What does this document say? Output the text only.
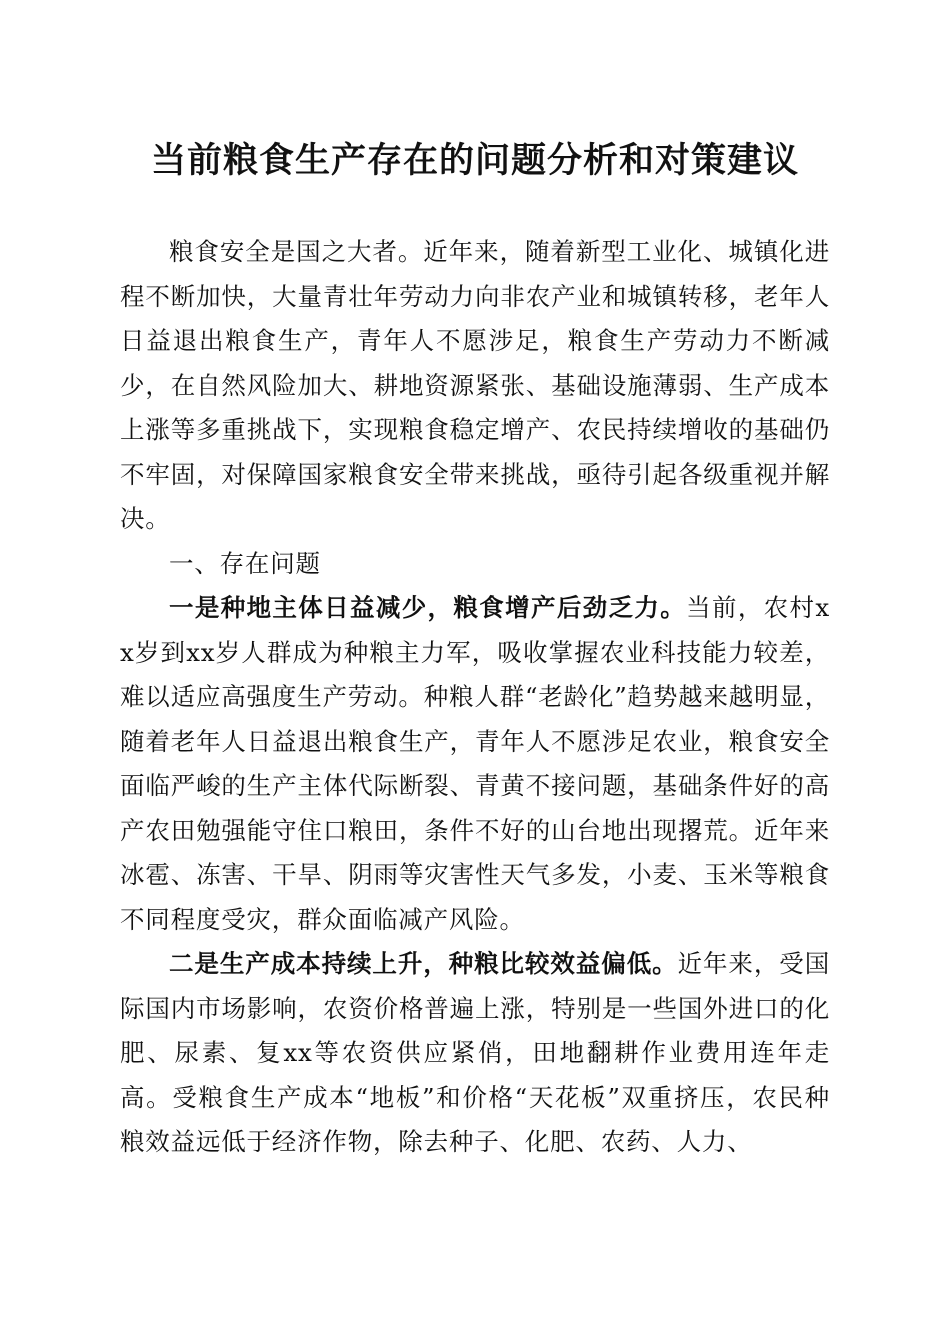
当前粮食生产存在的问题分析和对策建议

粮食安全是国之大者。近年来，随着新型工业化、城镇化进程不断加快，大量青壮年劳动力向非农产业和城镇转移，老年人日益退出粮食生产，青年人不愿涉足，粮食生产劳动力不断减少，在自然风险加大、耕地资源紧张、基础设施薄弱、生产成本上涨等多重挑战下，实现粮食稳定增产、农民持续增收的基础仍不牢固，对保障国家粮食安全带来挑战，亟待引起各级重视并解决。

一、存在问题

一是种地主体日益减少，粮食增产后劲乏力。当前，农村xx岁到xx岁人群成为种粮主力军，吸收掌握农业科技能力较差，难以适应高强度生产劳动。种粮人群“老龄化”趋势越来越明显，随着老年人日益退出粮食生产，青年人不愿涉足农业，粮食安全面临严峻的生产主体代际断裂、青黄不接问题，基础条件好的高产农田勉强能守住口粮田，条件不好的山台地出现撂荒。近年来冰雹、冻害、干旱、阴雨等灾害性天气多发，小麦、玉米等粮食不同程度受灾，群众面临减产风险。

二是生产成本持续上升，种粮比较效益偏低。近年来，受国际国内市场影响，农资价格普遍上涨，特别是一些国外进口的化肥、尿素、复xx等农资供应紧俏，田地翻耕作业费用连年走高。受粮食生产成本“地板”和价格“天花板”双重挤压，农民种粮效益远低于经济作物，除去种子、化肥、农药、人力、
